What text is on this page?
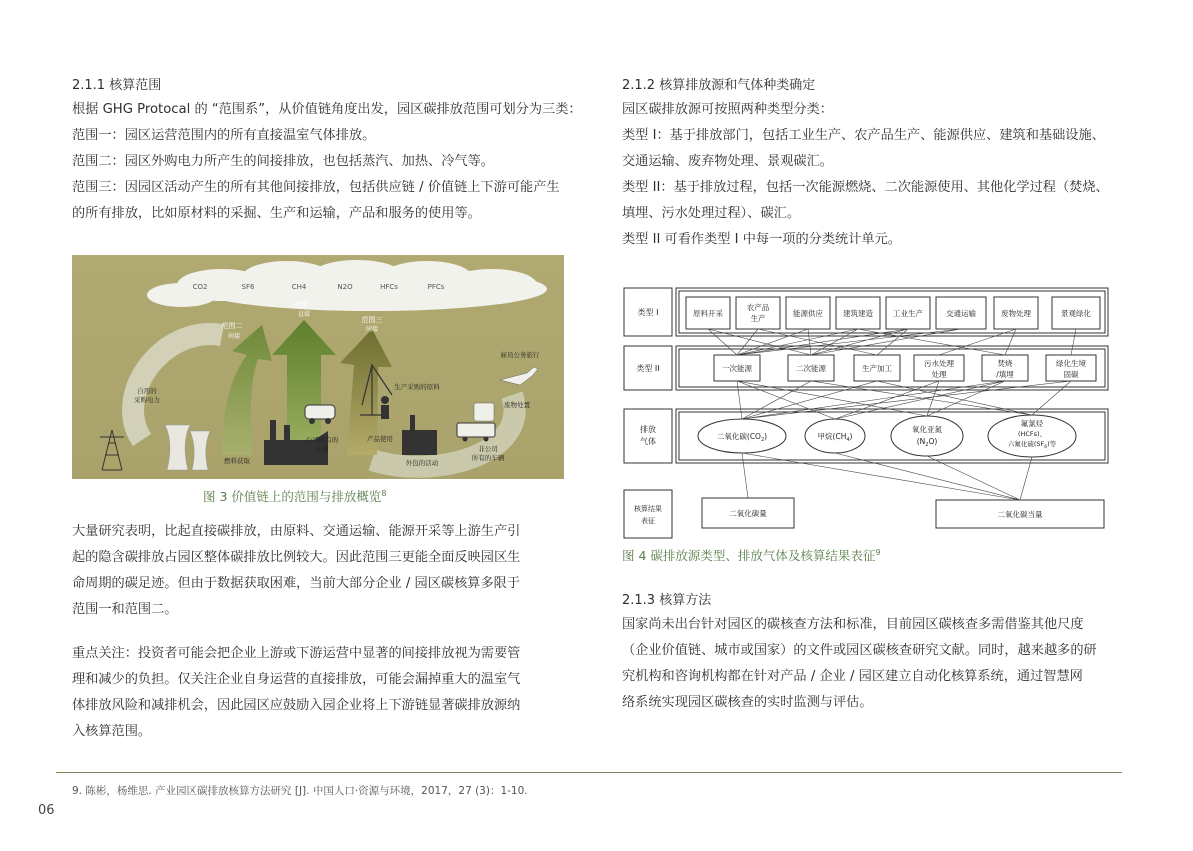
2.1.1 核算范围
根据 GHG Protocal 的 “范围系”，从价值链角度出发，园区碳排放范围可划分为三类：
范围一：园区运营范围内的所有直接温室气体排放。
范围二：园区外购电力所产生的间接排放，也包括蒸汽、加热、冷气等。
范围三：因园区活动产生的所有其他间接排放，包括供应链 / 价值链上下游可能产生
的所有排放，比如原材料的采掘、生产和运输，产品和服务的使用等。
CO2	SF6	CH4	N2O	HFCs	PFCs
范围二
间接
范围一
直接
范围三
间接
自用的
采购电力
生产采购的原料
公司所有的
车辆
产品使用
外包的活动
雇员公务旅行
废物处置
非公司
所有的车辆
燃料获取
图 3 价值链上的范围与排放概览$^8$
大量研究表明，比起直接碳排放，由原料、交通运输、能源开采等上游生产引
起的隐含碳排放占园区整体碳排放比例较大。因此范围三更能全面反映园区生
命周期的碳足迹。但由于数据获取困难，当前大部分企业 / 园区碳核算多限于
范围一和范围二。
重点关注：投资者可能会把企业上游或下游运营中显著的间接排放视为需要管
理和减少的负担。仅关注企业自身运营的直接排放，可能会漏掉重大的温室气
体排放风险和减排机会，因此园区应鼓励入园企业将上下游链显著碳排放源纳
入核算范围。
2.1.2 核算排放源和气体种类确定
园区碳排放源可按照两种类型分类：
类型 I：基于排放部门，包括工业生产、农产品生产、能源供应、建筑和基础设施、
交通运输、废弃物处理、景观碳汇。
类型 II：基于排放过程，包括一次能源燃烧、二次能源使用、其他化学过程（焚烧、
填埋、污水处理过程）、碳汇。
类型 II 可看作类型 I 中每一项的分类统计单元。
类型 I
类型 II
排放
气体
核算结果
表征
原料开采
农产品
生产
能源供应	建筑建造	工业生产	交通运输	废物处理	景观绿化
一次能源	二次能源	生产加工
污水处理
处理
焚烧
/填埋
绿化生境
固碳
二氧化碳$(CO_2)$	甲烷$(CH_4)$
氧化亚氮
$(N_2O)$
氟氯烃
(HCFs)、
六氟化硫$(SF_6)$等
二氧化碳量	二氧化碳当量
图 4 碳排放源类型、排放气体及核算结果表征$^9$
2.1.3 核算方法
国家尚未出台针对园区的碳核查方法和标准，目前园区碳核查多需借鉴其他尺度
（企业价值链、城市或国家）的文件或园区碳核查研究文献。同时，越来越多的研
究机构和咨询机构都在针对产品 / 企业 / 园区建立自动化核算系统，通过智慧网
络系统实现园区碳核查的实时监测与评估。
9. 陈彬，杨维思. 产业园区碳排放核算方法研究 [J]. 中国人口·资源与环境，2017，27 (3)：1-10.
06
